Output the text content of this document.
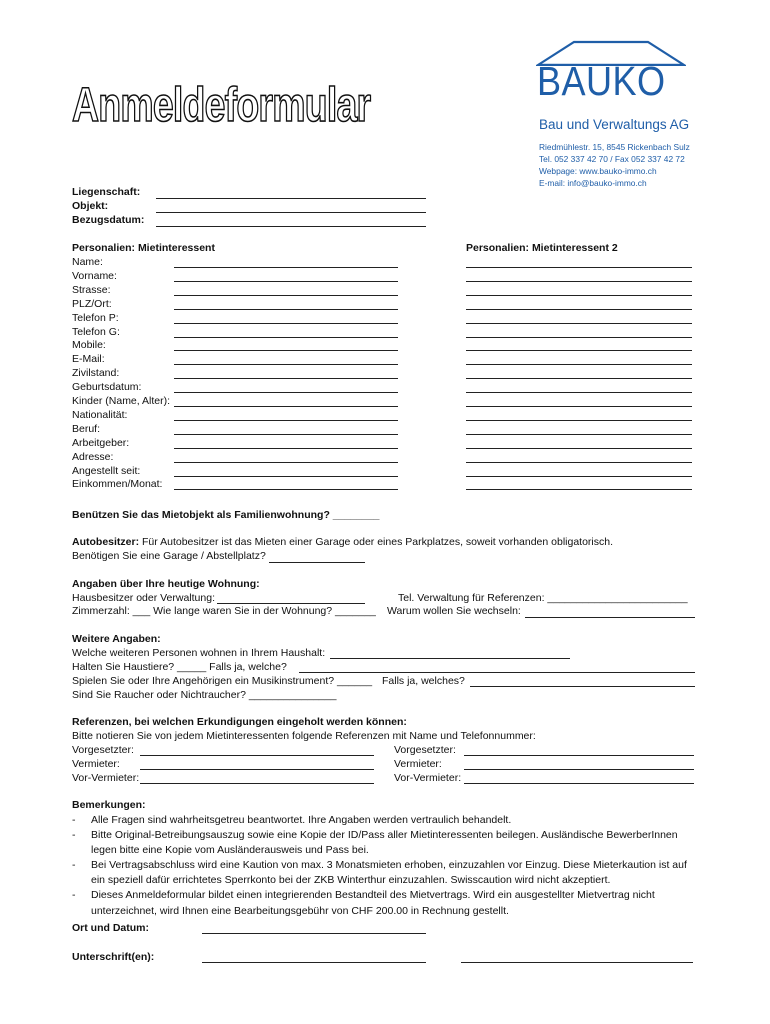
Anmeldeformular	BAUKO
Bau und Verwaltungs AG
Riedmühlestr. 15, 8545 Rickenbach Sulz
Tel. 052 337 42 70 / Fax 052 337 42 72
Webpage: www.bauko-immo.ch
E-mail: info@bauko-immo.ch
Liegenschaft:
Objekt:
Bezugsdatum:
Personalien: Mietinteressent	Personalien: Mietinteressent 2
Name:
Vorname:
Strasse:
PLZ/Ort:
Telefon P:
Telefon G:
Mobile:
E-Mail:
Zivilstand:
Geburtsdatum:
Kinder (Name, Alter):
Nationalität:
Beruf:
Arbeitgeber:
Adresse:
Angestellt seit:
Einkommen/Monat:
Benützen Sie das Mietobjekt als Familienwohnung? ________
Autobesitzer: Für Autobesitzer ist das Mieten einer Garage oder eines Parkplatzes, soweit vorhanden obligatorisch.
Benötigen Sie eine Garage / Abstellplatz?
Angaben über Ihre heutige Wohnung:
Hausbesitzer oder Verwaltung:	Tel. Verwaltung für Referenzen: ________________________
Zimmerzahl: ___ Wie lange waren Sie in der Wohnung? _______ Warum wollen Sie wechseln:
Weitere Angaben:
Welche weiteren Personen wohnen in Ihrem Haushalt:
Halten Sie Haustiere? _____ Falls ja, welche?
Spielen Sie oder Ihre Angehörigen ein Musikinstrument? ______ Falls ja, welches?
Sind Sie Raucher oder Nichtraucher? _______________
Referenzen, bei welchen Erkundigungen eingeholt werden können:
Bitte notieren Sie von jedem Mietinteressenten folgende Referenzen mit Name und Telefonnummer:
Vorgesetzter:	Vorgesetzter:
Vermieter:	Vermieter:
Vor-Vermieter:	Vor-Vermieter:
Bemerkungen:
- Alle Fragen sind wahrheitsgetreu beantwortet. Ihre Angaben werden vertraulich behandelt.
- Bitte Original-Betreibungsauszug sowie eine Kopie der ID/Pass aller Mietinteressenten beilegen. Ausländische BewerberInnen legen bitte eine Kopie vom Ausländerausweis und Pass bei.
- Bei Vertragsabschluss wird eine Kaution von max. 3 Monatsmieten erhoben, einzuzahlen vor Einzug. Diese Mieterkaution ist auf ein speziell dafür errichtetes Sperrkonto bei der ZKB Winterthur einzuzahlen. Swisscaution wird nicht akzeptiert.
- Dieses Anmeldeformular bildet einen integrierenden Bestandteil des Mietvertrags. Wird ein ausgestellter Mietvertrag nicht unterzeichnet, wird Ihnen eine Bearbeitungsgebühr von CHF 200.00 in Rechnung gestellt.
Ort und Datum:
Unterschrift(en):
